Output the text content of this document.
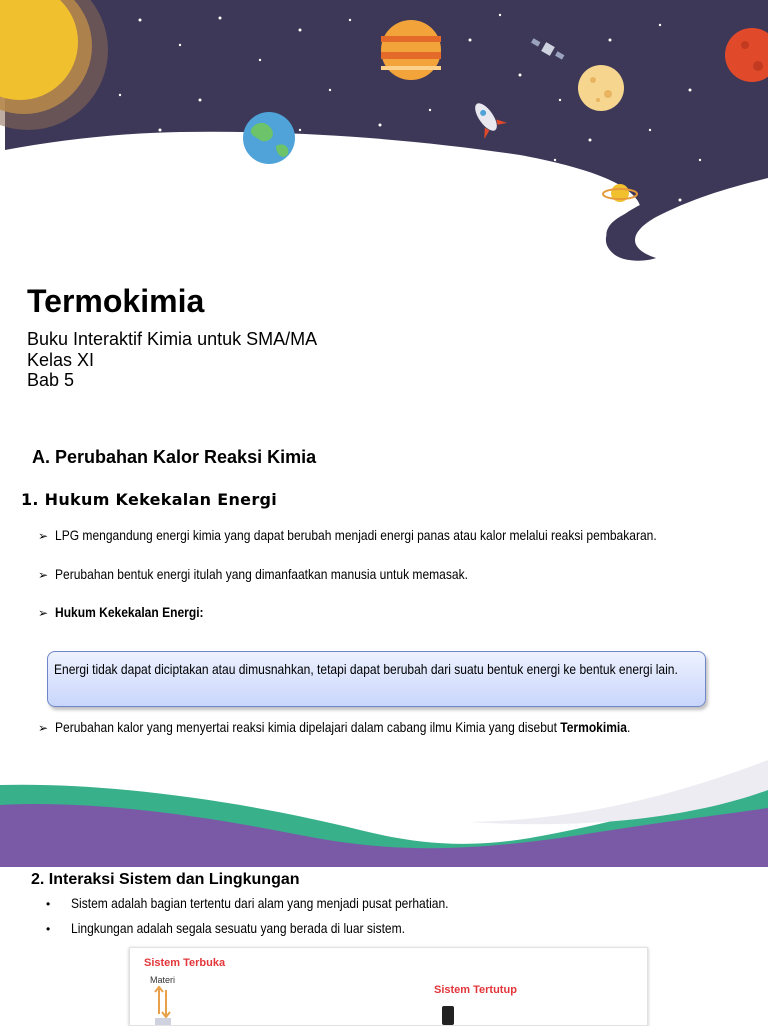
Termokimia
Buku Interaktif Kimia untuk SMA/MA
Kelas XI
Bab 5
A. Perubahan Kalor Reaksi Kimia
1. Hukum Kekekalan Energi
➢ LPG mengandung energi kimia yang dapat berubah menjadi energi panas atau kalor melalui reaksi pembakaran.
➢ Perubahan bentuk energi itulah yang dimanfaatkan manusia untuk memasak.
➢ Hukum Kekekalan Energi:
Energi tidak dapat diciptakan atau dimusnahkan, tetapi dapat berubah dari suatu bentuk energi ke bentuk energi lain.
➢ Perubahan kalor yang menyertai reaksi kimia dipelajari dalam cabang ilmu Kimia yang disebut Termokimia.
2. Interaksi Sistem dan Lingkungan
•	Sistem adalah bagian tertentu dari alam yang menjadi pusat perhatian.
•	Lingkungan adalah segala sesuatu yang berada di luar sistem.
Sistem Terbuka
Materi
Sistem Tertutup
